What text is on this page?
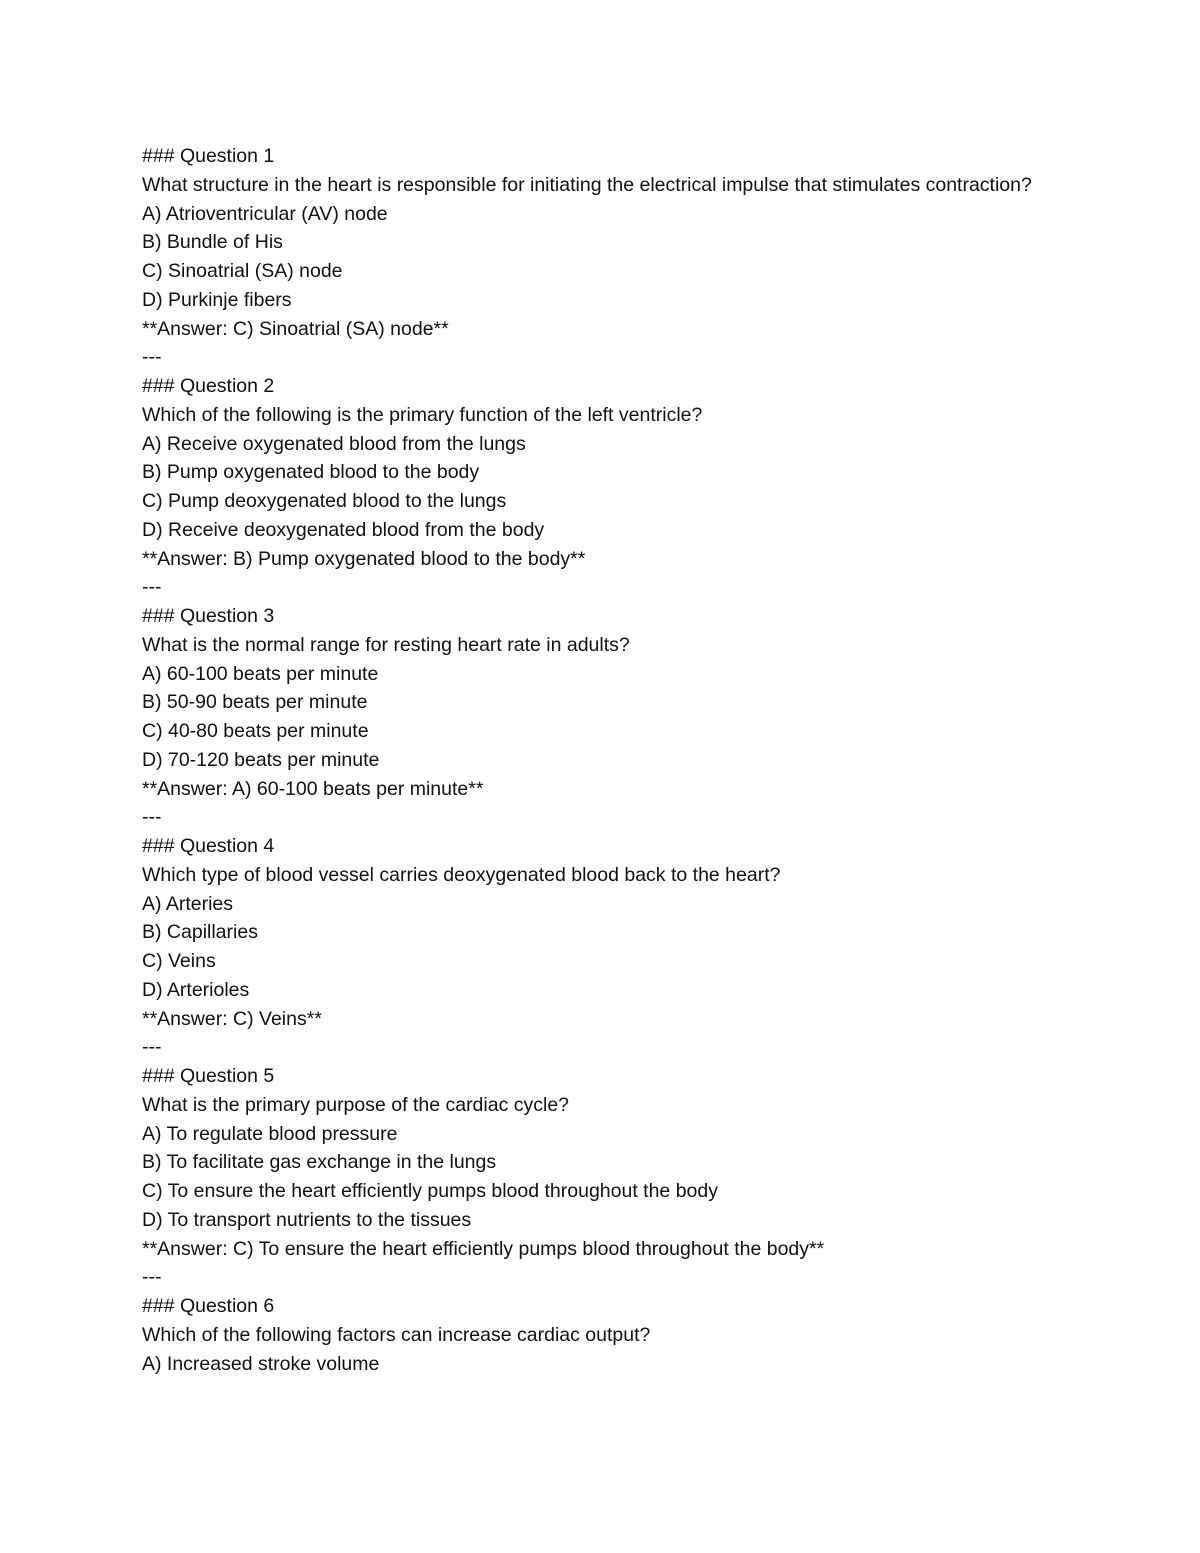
### Question 1
What structure in the heart is responsible for initiating the electrical impulse that stimulates contraction?
A) Atrioventricular (AV) node
B) Bundle of His
C) Sinoatrial (SA) node
D) Purkinje fibers
**Answer: C) Sinoatrial (SA) node**
---
### Question 2
Which of the following is the primary function of the left ventricle?
A) Receive oxygenated blood from the lungs
B) Pump oxygenated blood to the body
C) Pump deoxygenated blood to the lungs
D) Receive deoxygenated blood from the body
**Answer: B) Pump oxygenated blood to the body**
---
### Question 3
What is the normal range for resting heart rate in adults?
A) 60-100 beats per minute
B) 50-90 beats per minute
C) 40-80 beats per minute
D) 70-120 beats per minute
**Answer: A) 60-100 beats per minute**
---
### Question 4
Which type of blood vessel carries deoxygenated blood back to the heart?
A) Arteries
B) Capillaries
C) Veins
D) Arterioles
**Answer: C) Veins**
---
### Question 5
What is the primary purpose of the cardiac cycle?
A) To regulate blood pressure
B) To facilitate gas exchange in the lungs
C) To ensure the heart efficiently pumps blood throughout the body
D) To transport nutrients to the tissues
**Answer: C) To ensure the heart efficiently pumps blood throughout the body**
---
### Question 6
Which of the following factors can increase cardiac output?
A) Increased stroke volume
